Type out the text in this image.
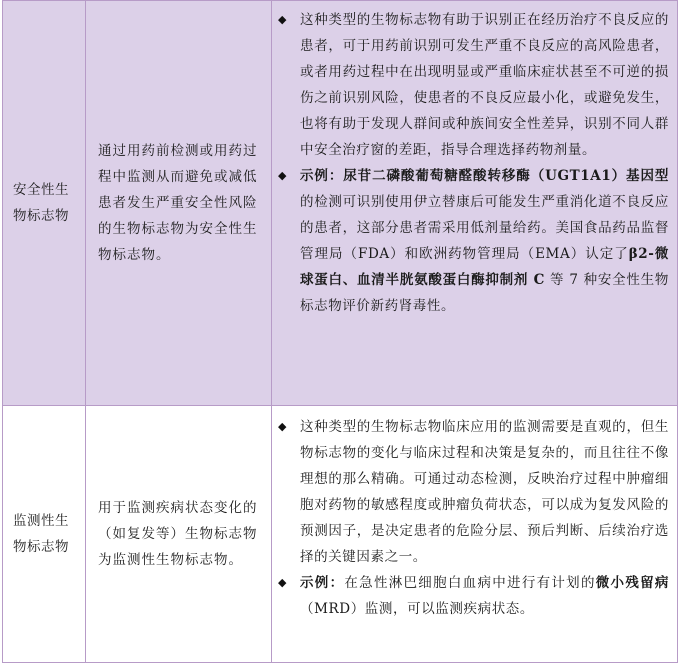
安全性生物标志物	通过用药前检测或用药过程中监测从而避免或减低患者发生严重安全性风险的生物标志物为安全性生物标志物。	◆ 这种类型的生物标志物有助于识别正在经历治疗不良反应的患者，可于用药前识别可发生严重不良反应的高风险患者，或者用药过程中在出现明显或严重临床症状甚至不可逆的损伤之前识别风险，使患者的不良反应最小化，或避免发生，也将有助于发现人群间或种族间安全性差异，识别不同人群中安全治疗窗的差距，指导合理选择药物剂量。
◆ 示例：尿苷二磷酸葡萄糖醛酸转移酶（UGT1A1）基因型的检测可识别使用伊立替康后可能发生严重消化道不良反应的患者，这部分患者需采用低剂量给药。美国食品药品监督管理局（FDA）和欧洲药物管理局（EMA）认定了β2-微球蛋白、血清半胱氨酸蛋白酶抑制剂 C 等 7 种安全性生物标志物评价新药肾毒性。

监测性生物标志物	用于监测疾病状态变化的（如复发等）生物标志物为监测性生物标志物。	◆ 这种类型的生物标志物临床应用的监测需要是直观的，但生物标志物的变化与临床过程和决策是复杂的，而且往往不像理想的那么精确。可通过动态检测，反映治疗过程中肿瘤细胞对药物的敏感程度或肿瘤负荷状态，可以成为复发风险的预测因子，是决定患者的危险分层、预后判断、后续治疗选择的关键因素之一。
◆ 示例：在急性淋巴细胞白血病中进行有计划的微小残留病（MRD）监测，可以监测疾病状态。
